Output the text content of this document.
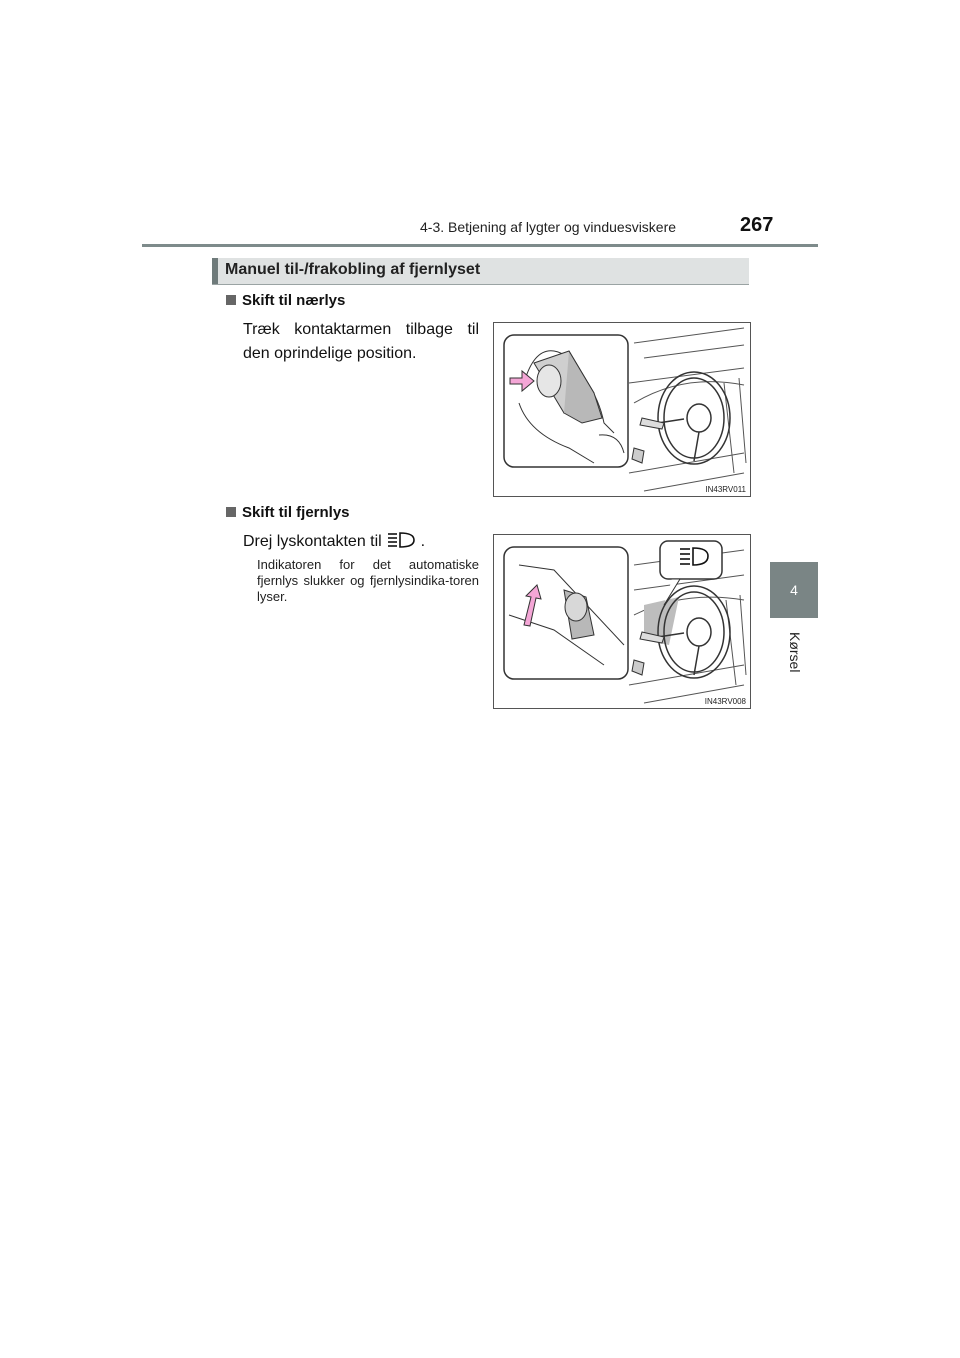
4-3. Betjening af lygter og vinduesviskere	267
4
Kørsel
Manuel til-/frakobling af fjernlyset
Skift til nærlys
Træk kontaktarmen tilbage til den oprindelige position.
IN43RV011
Skift til fjernlys
Drej lyskontakten til .
Indikatoren for det automatiske fjernlys slukker og fjernlysindika-toren lyser.
IN43RV008
